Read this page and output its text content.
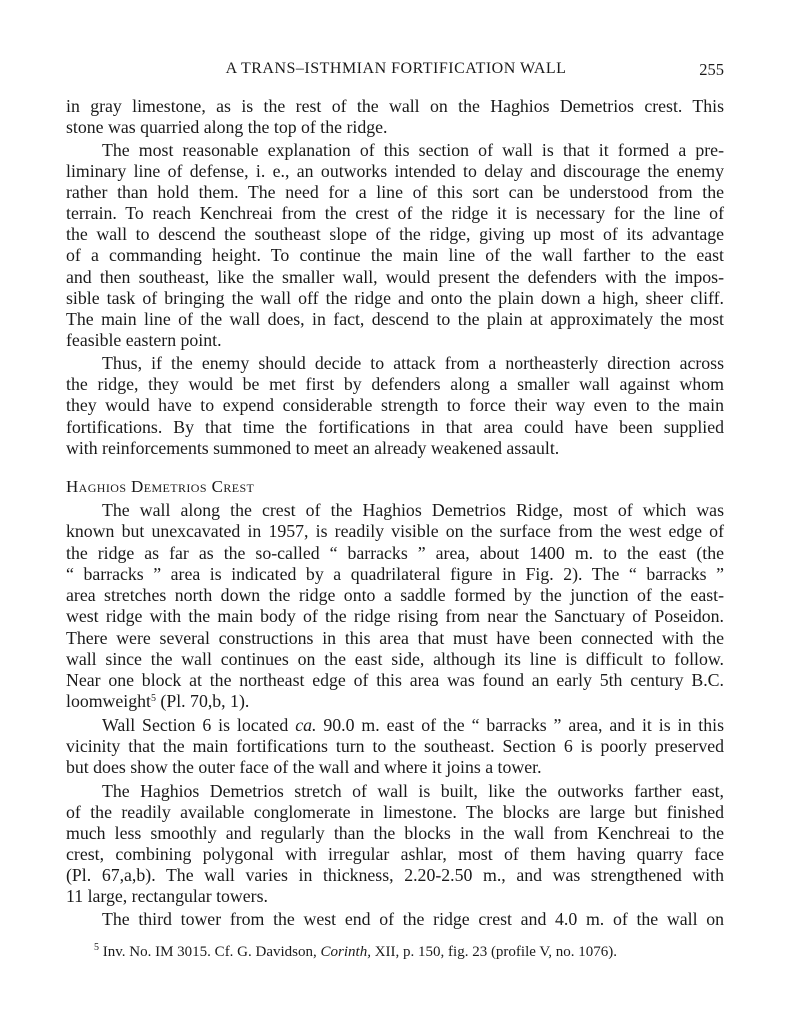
A TRANS–ISTHMIAN FORTIFICATION WALL	255
in gray limestone, as is the rest of the wall on the Haghios Demetrios crest. This
stone was quarried along the top of the ridge.
The most reasonable explanation of this section of wall is that it formed a pre-
liminary line of defense, i. e., an outworks intended to delay and discourage the enemy
rather than hold them. The need for a line of this sort can be understood from the
terrain. To reach Kenchreai from the crest of the ridge it is necessary for the line of
the wall to descend the southeast slope of the ridge, giving up most of its advantage
of a commanding height. To continue the main line of the wall farther to the east
and then southeast, like the smaller wall, would present the defenders with the impos-
sible task of bringing the wall off the ridge and onto the plain down a high, sheer cliff.
The main line of the wall does, in fact, descend to the plain at approximately the most
feasible eastern point.
Thus, if the enemy should decide to attack from a northeasterly direction across
the ridge, they would be met first by defenders along a smaller wall against whom
they would have to expend considerable strength to force their way even to the main
fortifications. By that time the fortifications in that area could have been supplied
with reinforcements summoned to meet an already weakened assault.
Haghios Demetrios Crest
The wall along the crest of the Haghios Demetrios Ridge, most of which was
known but unexcavated in 1957, is readily visible on the surface from the west edge of
the ridge as far as the so-called “ barracks ” area, about 1400 m. to the east (the
“ barracks ” area is indicated by a quadrilateral figure in Fig. 2). The “ barracks ”
area stretches north down the ridge onto a saddle formed by the junction of the east-
west ridge with the main body of the ridge rising from near the Sanctuary of Poseidon.
There were several constructions in this area that must have been connected with the
wall since the wall continues on the east side, although its line is difficult to follow.
Near one block at the northeast edge of this area was found an early 5th century B.C.
loomweight$^5$ (Pl. 70,b, 1).
Wall Section 6 is located ca. 90.0 m. east of the “ barracks ” area, and it is in this
vicinity that the main fortifications turn to the southeast. Section 6 is poorly preserved
but does show the outer face of the wall and where it joins a tower.
The Haghios Demetrios stretch of wall is built, like the outworks farther east,
of the readily available conglomerate in limestone. The blocks are large but finished
much less smoothly and regularly than the blocks in the wall from Kenchreai to the
crest, combining polygonal with irregular ashlar, most of them having quarry face
(Pl. 67,a,b). The wall varies in thickness, 2.20-2.50 m., and was strengthened with
11 large, rectangular towers.
The third tower from the west end of the ridge crest and 4.0 m. of the wall on
$^5$ Inv. No. IM 3015. Cf. G. Davidson, Corinth, XII, p. 150, fig. 23 (profile V, no. 1076).
